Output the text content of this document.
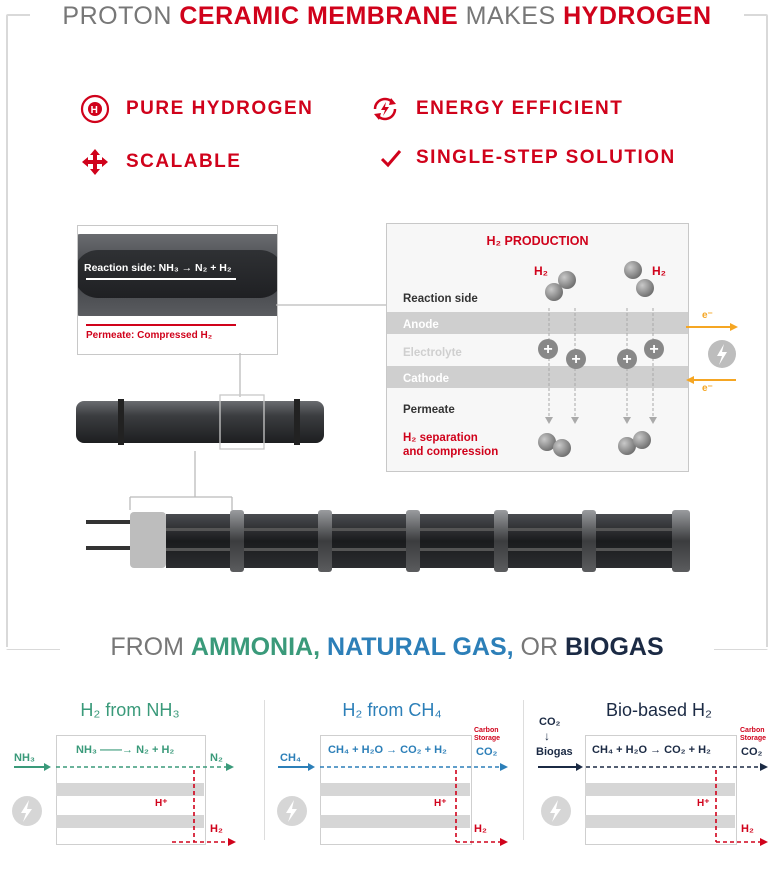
PROTON CERAMIC MEMBRANE MAKES HYDROGEN
H PURE HYDROGEN	ENERGY EFFICIENT
SCALABLE	SINGLE-STEP SOLUTION
Reaction side: NH₃ → N₂ + H₂
Permeate: Compressed H₂
H₂ PRODUCTION
Reaction side
Anode
Electrolyte
Cathode
Permeate
H₂ separation
and compression
H₂	H₂
+
+	+
+
e⁻
e⁻
FROM AMMONIA, NATURAL GAS, OR BIOGAS
H₂ from NH₃
NH₃
NH₃ ——→ N₂ + H₂
N₂
H⁺
H₂
H₂ from CH₄
CH₄
CH₄ + H₂O → CO₂ + H₂
Carbon
Storage
CO₂
H⁺
H₂
Bio-based H₂
CO₂
↓
Biogas CH₄ + H₂O → CO₂ + H₂
Carbon
Storage
CO₂
H⁺
H₂
